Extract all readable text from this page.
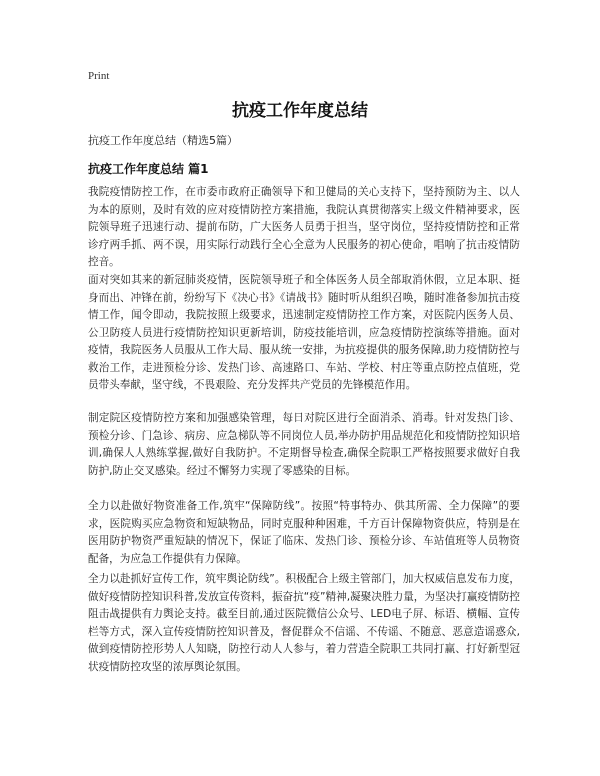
Print
抗疫工作年度总结
抗疫工作年度总结（精选5篇）
抗疫工作年度总结 篇1

我院疫情防控工作，在市委市政府正确领导下和卫健局的关心支持下，坚持预防为主、以人为本的原则，及时有效的应对疫情防控方案措施，我院认真贯彻落实上级文件精神要求，医院领导班子迅速行动、提前布防，广大医务人员勇于担当，坚守岗位，坚持疫情防控和正常诊疗两手抓、两不误，用实际行动践行全心全意为人民服务的初心使命，唱响了抗击疫情防控音。

面对突如其来的新冠肺炎疫情，医院领导班子和全体医务人员全部取消休假，立足本职、挺身而出、冲锋在前，纷纷写下《决心书》《请战书》随时听从组织召唤，随时准备参加抗击疫情工作，闻令即动，我院按照上级要求，迅速制定疫情防控工作方案，对医院内医务人员、公卫防疫人员进行疫情防控知识更新培训，防疫技能培训，应急疫情防控演练等措施。面对疫情，我院医务人员服从工作大局、服从统一安排，为抗疫提供的服务保障,助力疫情防控与救治工作，走进预检分诊、发热门诊、高速路口、车站、学校、村庄等重点防控点值班，党员带头奉献，坚守线，不畏艰险、充分发挥共产党员的先锋模范作用。

制定院区疫情防控方案和加强感染管理，每日对院区进行全面消杀、消毒。针对发热门诊、预检分诊、门急诊、病房、应急梯队等不同岗位人员,举办防护用品规范化和疫情防控知识培训,确保人人熟练掌握,做好自我防护。不定期督导检查,确保全院职工严格按照要求做好自我防护,防止交叉感染。经过不懈努力实现了零感染的目标。

全力以赴做好物资准备工作,筑牢“保障防线”。按照“特事特办、供其所需、全力保障”的要求，医院购买应急物资和短缺物品，同时克服种种困难，千方百计保障物资供应，特别是在医用防护物资严重短缺的情况下，保证了临床、发热门诊、预检分诊、车站值班等人员物资配备，为应急工作提供有力保障。

全力以赴抓好宣传工作，筑牢舆论防线”。积极配合上级主管部门，加大权威信息发布力度，做好疫情防控知识科普,发放宣传资料，振奋抗“疫”精神,凝聚决胜力量，为坚决打赢疫情防控阻击战提供有力舆论支持。截至目前,通过医院微信公众号、LED电子屏、标语、横幅、宣传栏等方式，深入宣传疫情防控知识普及，督促群众不信谣、不传谣、不随意、恶意造谣惑众,做到疫情防控形势人人知晓，防控行动人人参与，着力营造全院职工共同打赢、打好新型冠状疫情防控攻坚的浓厚舆论氛围。
